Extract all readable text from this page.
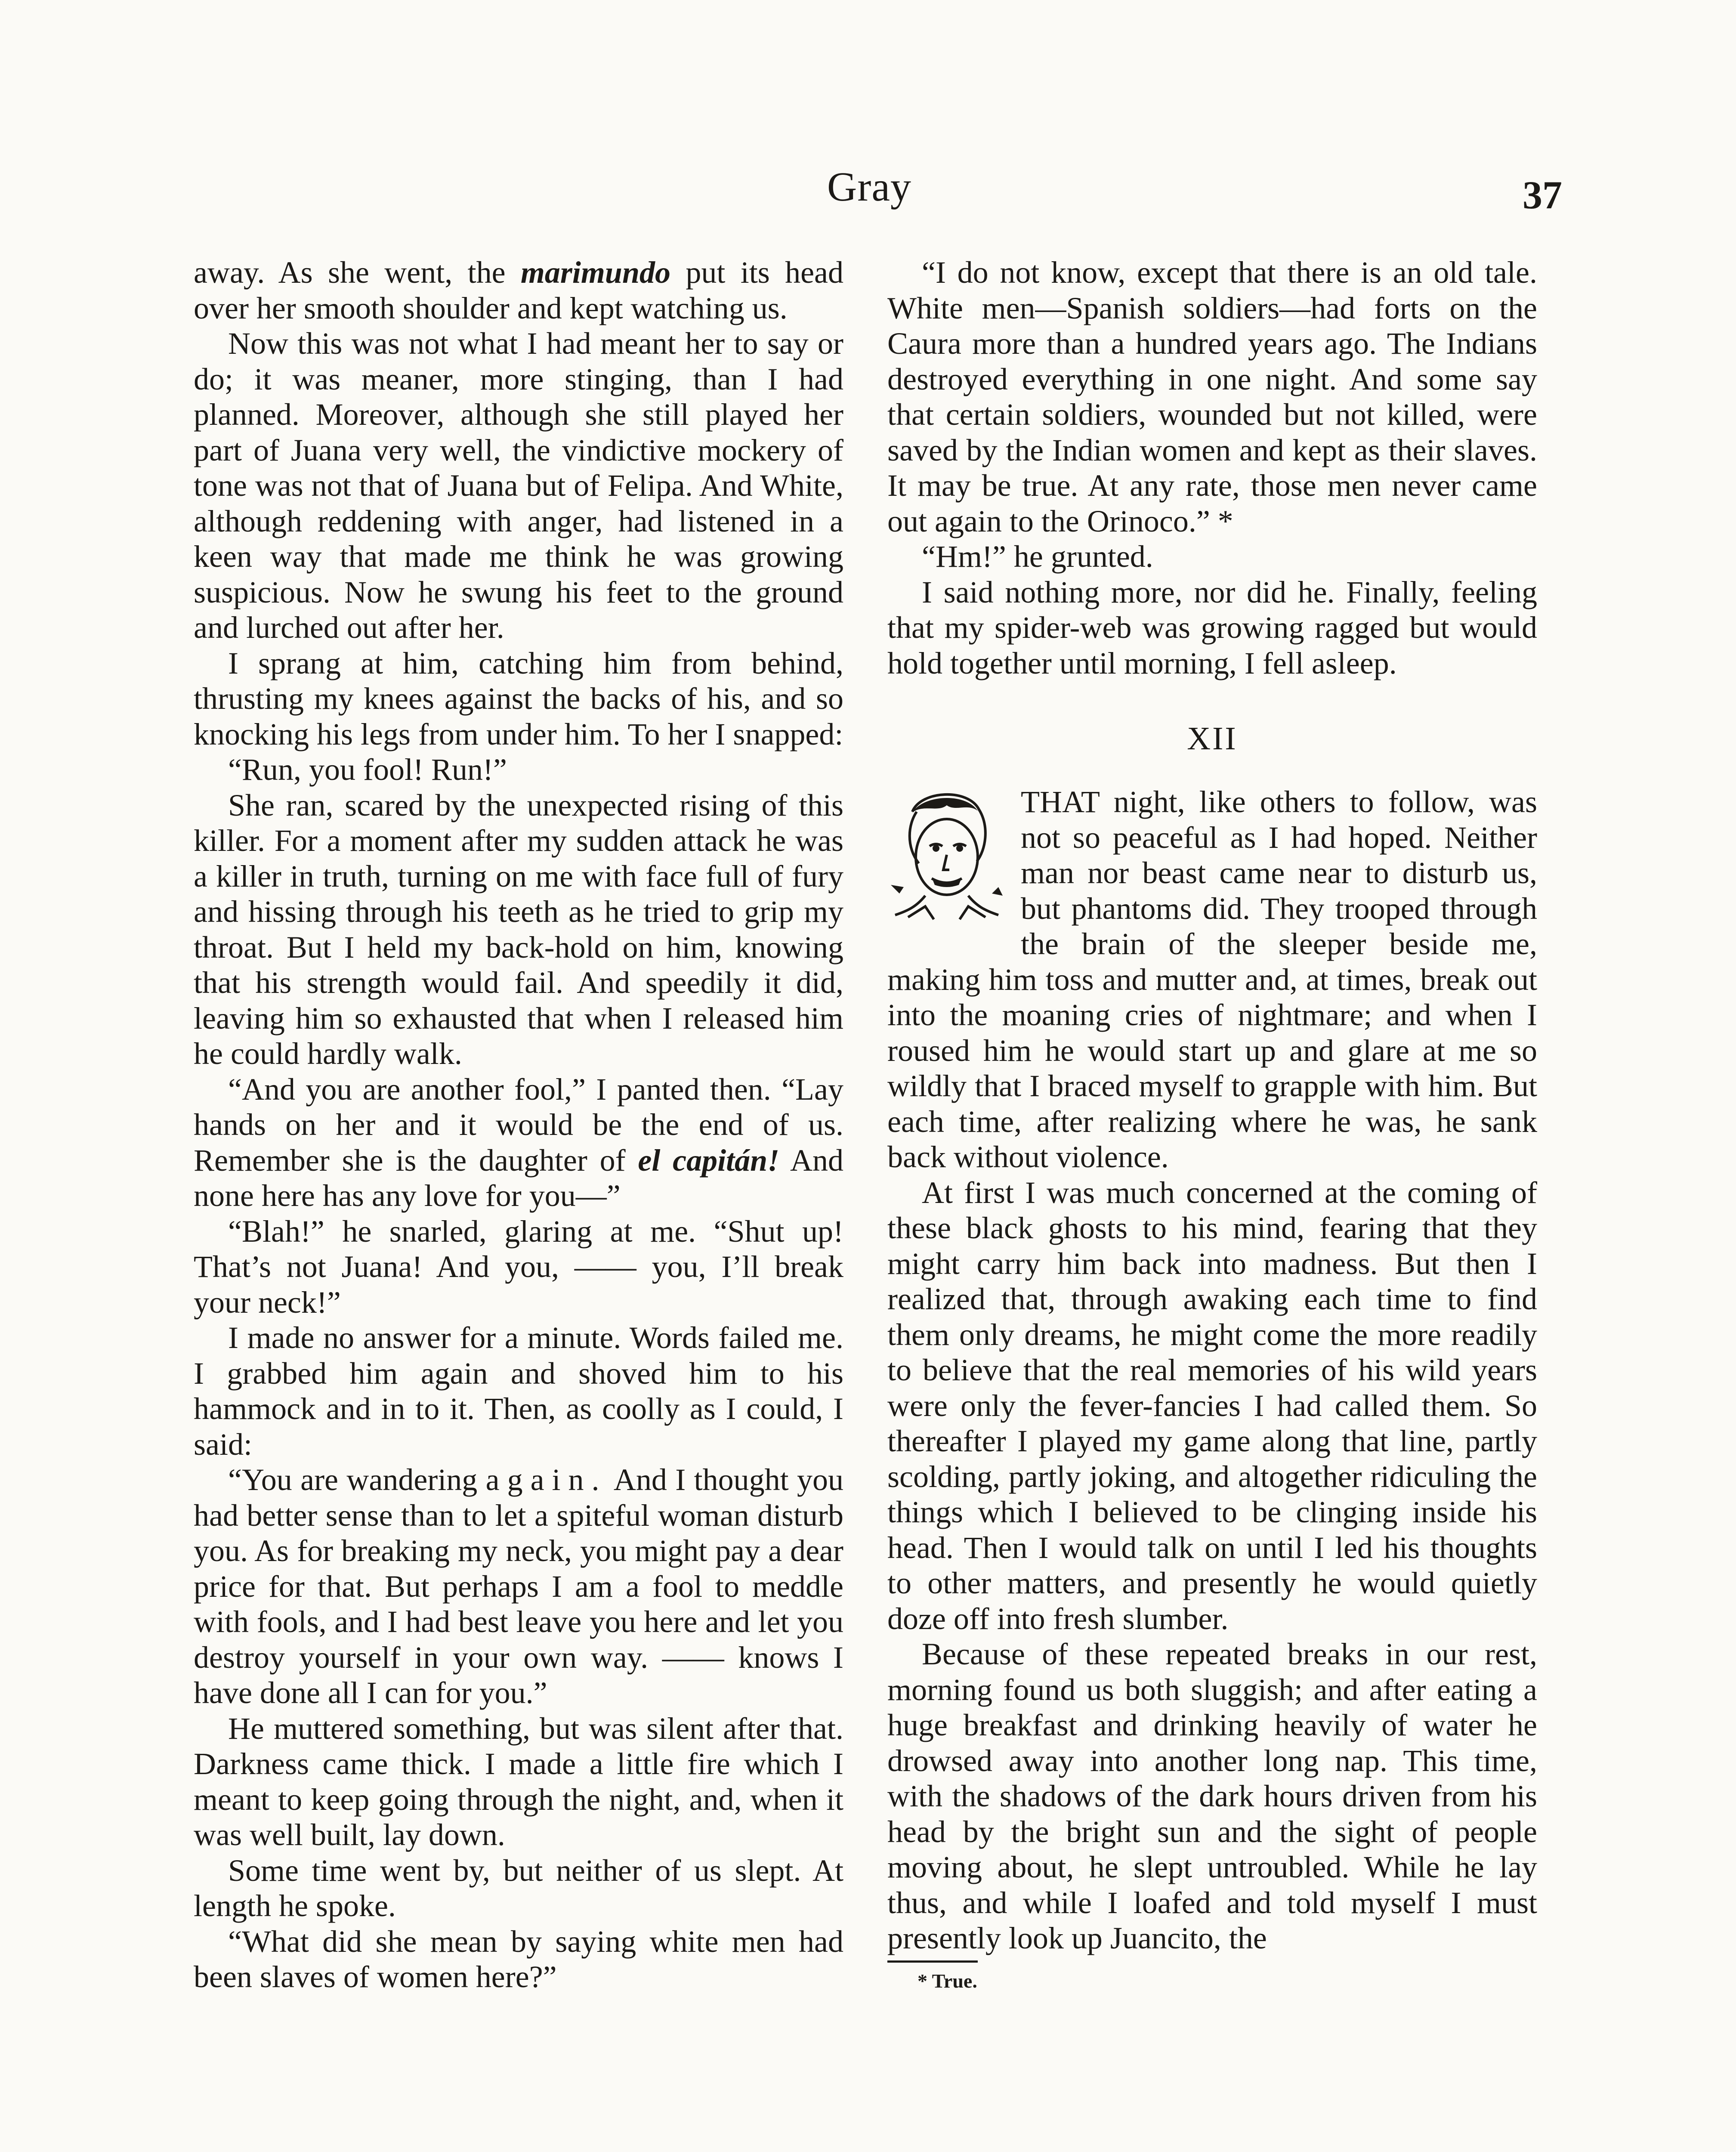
Gray	37

away. As she went, the marimundo put its head over her smooth shoulder and kept watching us.

Now this was not what I had meant her to say or do; it was meaner, more stinging, than I had planned. Moreover, although she still played her part of Juana very well, the vindictive mockery of tone was not that of Juana but of Felipa. And White, although reddening with anger, had listened in a keen way that made me think he was growing suspicious. Now he swung his feet to the ground and lurched out after her.

I sprang at him, catching him from behind, thrusting my knees against the backs of his, and so knocking his legs from under him. To her I snapped:

“Run, you fool! Run!”

She ran, scared by the unexpected rising of this killer. For a moment after my sudden attack he was a killer in truth, turning on me with face full of fury and hissing through his teeth as he tried to grip my throat. But I held my back-hold on him, knowing that his strength would fail. And speedily it did, leaving him so exhausted that when I released him he could hardly walk.

“And you are another fool,” I panted then. “Lay hands on her and it would be the end of us. Remember she is the daughter of el capitán! And none here has any love for you—”

“Blah!” he snarled, glaring at me. “Shut up! That’s not Juana! And you, —— you, I’ll break your neck!”

I made no answer for a minute. Words failed me. I grabbed him again and shoved him to his hammock and in to it. Then, as coolly as I could, I said:

“You are wandering again. And I thought you had better sense than to let a spiteful woman disturb you. As for breaking my neck, you might pay a dear price for that. But perhaps I am a fool to meddle with fools, and I had best leave you here and let you destroy yourself in your own way. —— knows I have done all I can for you.”

He muttered something, but was silent after that. Darkness came thick. I made a little fire which I meant to keep going through the night, and, when it was well built, lay down.

Some time went by, but neither of us slept. At length he spoke.

“What did she mean by saying white men had been slaves of women here?”

“I do not know, except that there is an old tale. White men—Spanish soldiers—had forts on the Caura more than a hundred years ago. The Indians destroyed everything in one night. And some say that certain soldiers, wounded but not killed, were saved by the Indian women and kept as their slaves. It may be true. At any rate, those men never came out again to the Orinoco.” *

“Hm!” he grunted.

I said nothing more, nor did he. Finally, feeling that my spider-web was growing ragged but would hold together until morning, I fell asleep.

XII

THAT night, like others to follow, was not so peaceful as I had hoped. Neither man nor beast came near to disturb us, but phantoms did. They trooped through the brain of the sleeper beside me, making him toss and mutter and, at times, break out into the moaning cries of nightmare; and when I roused him he would start up and glare at me so wildly that I braced myself to grapple with him. But each time, after realizing where he was, he sank back without violence.

At first I was much concerned at the coming of these black ghosts to his mind, fearing that they might carry him back into madness. But then I realized that, through awaking each time to find them only dreams, he might come the more readily to believe that the real memories of his wild years were only the fever-fancies I had called them. So thereafter I played my game along that line, partly scolding, partly joking, and altogether ridiculing the things which I believed to be clinging inside his head. Then I would talk on until I led his thoughts to other matters, and presently he would quietly doze off into fresh slumber.

Because of these repeated breaks in our rest, morning found us both sluggish; and after eating a huge breakfast and drinking heavily of water he drowsed away into another long nap. This time, with the shadows of the dark hours driven from his head by the bright sun and the sight of people moving about, he slept untroubled. While he lay thus, and while I loafed and told myself I must presently look up Juancito, the

* True.
